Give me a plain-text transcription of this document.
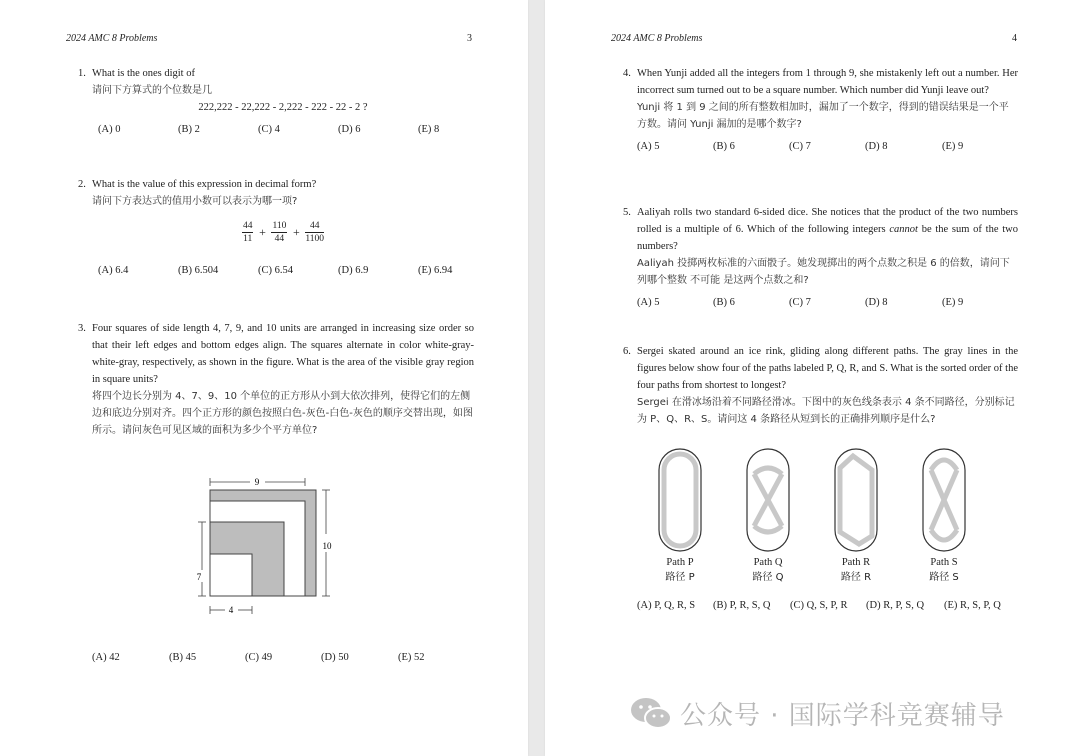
2024 AMC 8 Problems	3
1. What is the ones digit of
请问下方算式的个位数是几
222,222 - 22,222 - 2,222 - 222 - 22 - 2 ?
(A) 0	(B) 2	(C) 4	(D) 6	(E) 8
2. What is the value of this expression in decimal form?
请问下方表达式的值用小数可以表示为哪一项?
$\frac{44}{11} + \frac{110}{44} + \frac{44}{1100}$
(A) 6.4	(B) 6.504	(C) 6.54	(D) 6.9	(E) 6.94
3. Four squares of side length 4, 7, 9, and 10 units are arranged in increasing size order so that their left edges and bottom edges align. The squares alternate in color white-gray-white-gray, respectively, as shown in the figure. What is the area of the visible gray region in square units?
将四个边长分别为 4、7、9、10 个单位的正方形从小到大依次排列，使得它们的左侧边和底边分别对齐。四个正方形的颜色按照白色-灰色-白色-灰色的顺序交替出现，如图所示。请问灰色可见区域的面积为多少个平方单位?
9
10
7
4
(A) 42	(B) 45	(C) 49	(D) 50	(E) 52
2024 AMC 8 Problems	4
4. When Yunji added all the integers from 1 through 9, she mistakenly left out a number. Her incorrect sum turned out to be a square number. Which number did Yunji leave out?
Yunji 将 1 到 9 之间的所有整数相加时，漏加了一个数字，得到的错误结果是一个平方数。请问 Yunji 漏加的是哪个数字?
(A) 5	(B) 6	(C) 7	(D) 8	(E) 9
5. Aaliyah rolls two standard 6-sided dice. She notices that the product of the two numbers rolled is a multiple of 6. Which of the following integers cannot be the sum of the two numbers?
Aaliyah 投掷两枚标准的六面骰子。她发现掷出的两个点数之积是 6 的倍数，请问下列哪个整数 不可能 是这两个点数之和?
(A) 5	(B) 6	(C) 7	(D) 8	(E) 9
6. Sergei skated around an ice rink, gliding along different paths. The gray lines in the figures below show four of the paths labeled P, Q, R, and S. What is the sorted order of the four paths from shortest to longest?
Sergei 在滑冰场沿着不同路径滑冰。下图中的灰色线条表示 4 条不同路径，分别标记为 P、Q、R、S。请问这 4 条路径从短到长的正确排列顺序是什么?
Path P
路径 P
Path Q
路径 Q
Path R
路径 R
Path S
路径 S
(A) P, Q, R, S (B) P, R, S, Q (C) Q, S, P, R (D) R, P, S, Q (E) R, S, P, Q
公众号 · 国际学科竞赛辅导
